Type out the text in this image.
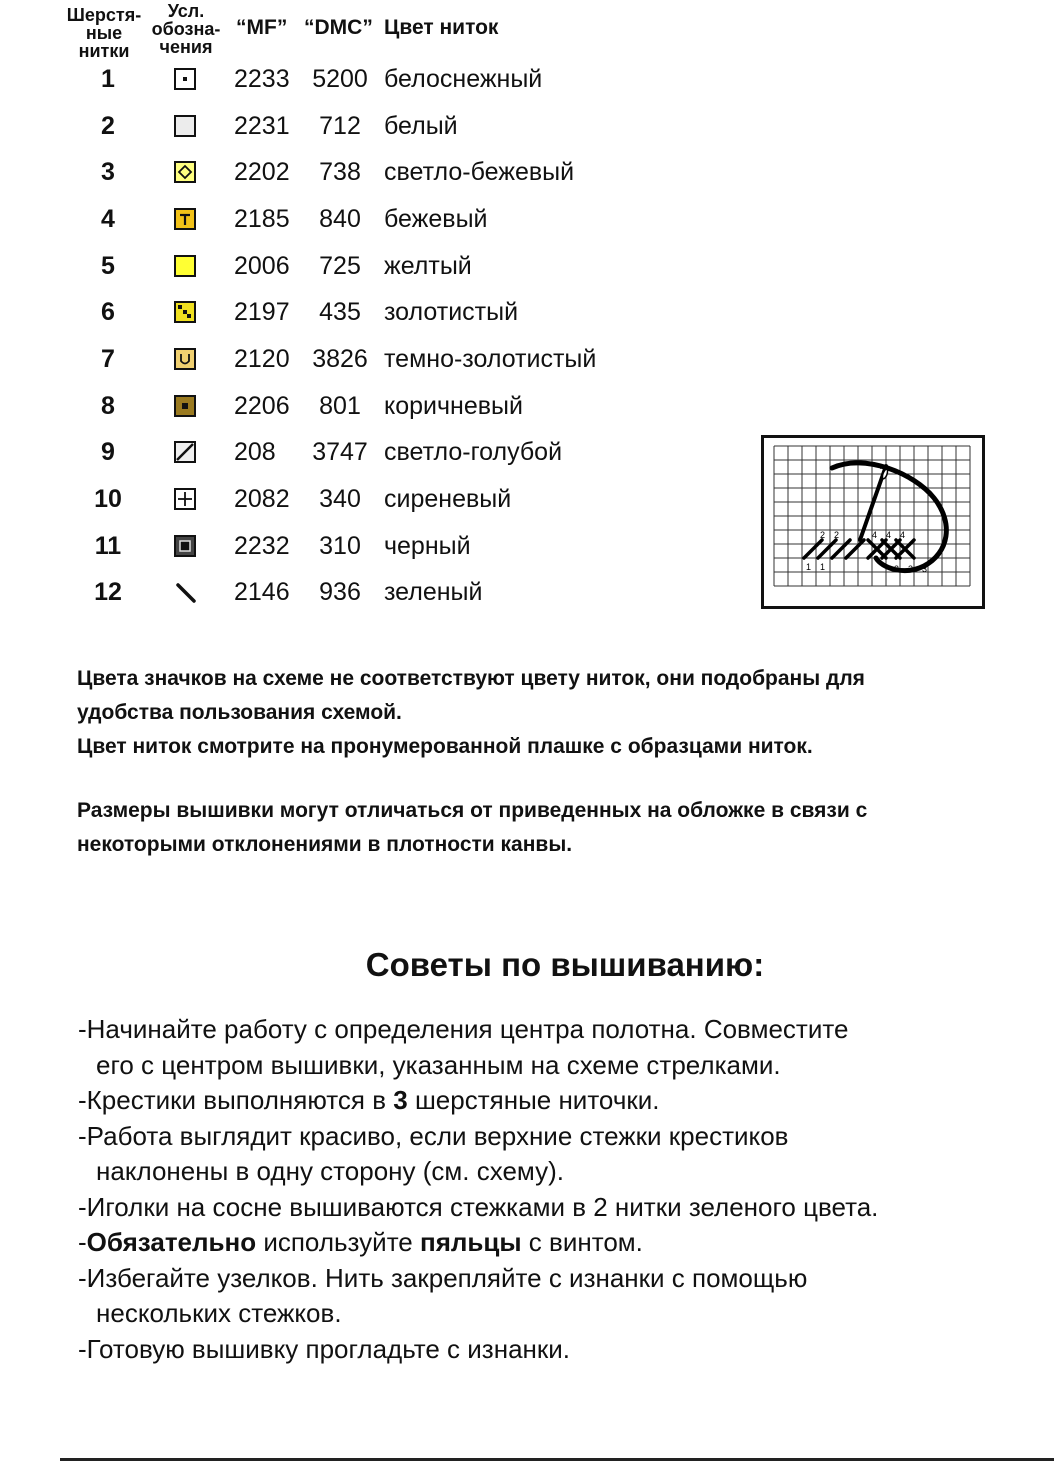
Шерстя-
ные
нитки
Усл.
обозна-
чения
“MF” “DMC” Цвет ниток
1	2233 5200 белоснежный
2	2231	712 белый
3	2202	738 светло-бежевый
4	2185	840 бежевый
5	2006	725 желтый
6	2197	435 золотистый
7	2120 3826 темно-золотистый
8	2206	801 коричневый
9	208 3747 светло-голубой
10	2082	340 сиреневый
11	2232	310 черный
12	2146	936 зеленый
1 1
2 2
3 3 3
4 4 4
Цвета значков на схеме не соответствуют цвету ниток, они подобраны для
удобства пользования схемой.
Цвет ниток смотрите на пронумерованной плашке с образцами ниток.
Размеры вышивки могут отличаться от приведенных на обложке в связи с
некоторыми отклонениями в плотности канвы.
Советы по вышиванию:
-Начинайте работу с определения центра полотна. Совместите
его с центром вышивки, указанным на схеме стрелками.
-Крестики выполняются в 3 шерстяные ниточки.
-Работа выглядит красиво, если верхние стежки крестиков
наклонены в одну сторону (см. схему).
-Иголки на сосне вышиваются стежками в 2 нитки зеленого цвета.
-Обязательно используйте пяльцы с винтом.
-Избегайте узелков. Нить закрепляйте с изнанки с помощью
нескольких стежков.
-Готовую вышивку прогладьте с изнанки.
